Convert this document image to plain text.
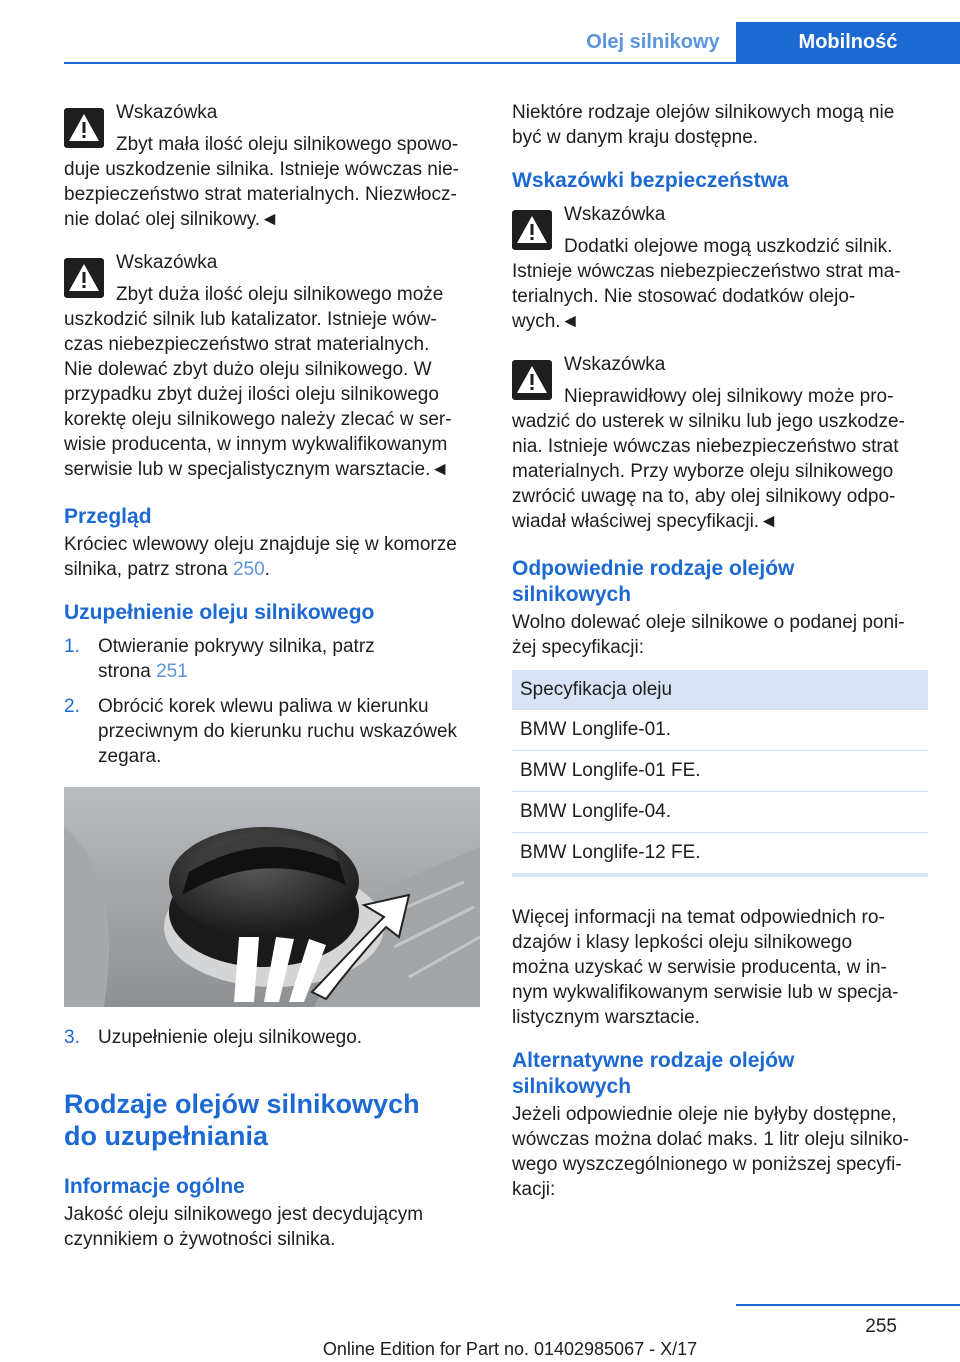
Olej silnikowy	Mobilność

Wskazówka

Zbyt mała ilość oleju silnikowego spowo‐

duje uszkodzenie silnika. Istnieje wówczas nie‐

bezpieczeństwo strat materialnych. Niezwłocz‐

nie dolać olej silnikowy.◄

Wskazówka

Zbyt duża ilość oleju silnikowego może

uszkodzić silnik lub katalizator. Istnieje wów‐

czas niebezpieczeństwo strat materialnych.

Nie dolewać zbyt dużo oleju silnikowego. W

przypadku zbyt dużej ilości oleju silnikowego

korektę oleju silnikowego należy zlecać w ser‐

wisie producenta, w innym wykwalifikowanym

serwisie lub w specjalistycznym warsztacie.◄

Przegląd

Króciec wlewowy oleju znajduje się w komorze

silnika, patrz strona 250.

Uzupełnienie oleju silnikowego
1. Otwieranie pokrywy silnika, patrz
strona 251
2. Obrócić korek wlewu paliwa w kierunku
przeciwnym do kierunku ruchu wskazówek
zegara.
3. Uzupełnienie oleju silnikowego.
Rodzaje olejów silnikowych
do uzupełniania
Informacje ogólne

Jakość oleju silnikowego jest decydującym

czynnikiem o żywotności silnika.

Niektóre rodzaje olejów silnikowych mogą nie

być w danym kraju dostępne.

Wskazówki bezpieczeństwa

Wskazówka

Dodatki olejowe mogą uszkodzić silnik.

Istnieje wówczas niebezpieczeństwo strat ma‐

terialnych. Nie stosować dodatków olejo‐

wych.◄

Wskazówka

Nieprawidłowy olej silnikowy może pro‐

wadzić do usterek w silniku lub jego uszkodze‐

nia. Istnieje wówczas niebezpieczeństwo strat

materialnych. Przy wyborze oleju silnikowego

zwrócić uwagę na to, aby olej silnikowy odpo‐

wiadał właściwej specyfikacji.◄

Odpowiednie rodzaje olejów
silnikowych

Wolno dolewać oleje silnikowe o podanej poni‐

żej specyfikacji:

Specyfikacja oleju
BMW Longlife-01.
BMW Longlife-01 FE.
BMW Longlife-04.
BMW Longlife-12 FE.

Więcej informacji na temat odpowiednich ro‐

dzajów i klasy lepkości oleju silnikowego

można uzyskać w serwisie producenta, w in‐

nym wykwalifikowanym serwisie lub w specja‐

listycznym warsztacie.

Alternatywne rodzaje olejów
silnikowych

Jeżeli odpowiednie oleje nie byłyby dostępne,

wówczas można dolać maks. 1 litr oleju silniko‐

wego wyszczególnionego w poniższej specyfi‐

kacji:

255
Online Edition for Part no. 01402985067 - X/17
